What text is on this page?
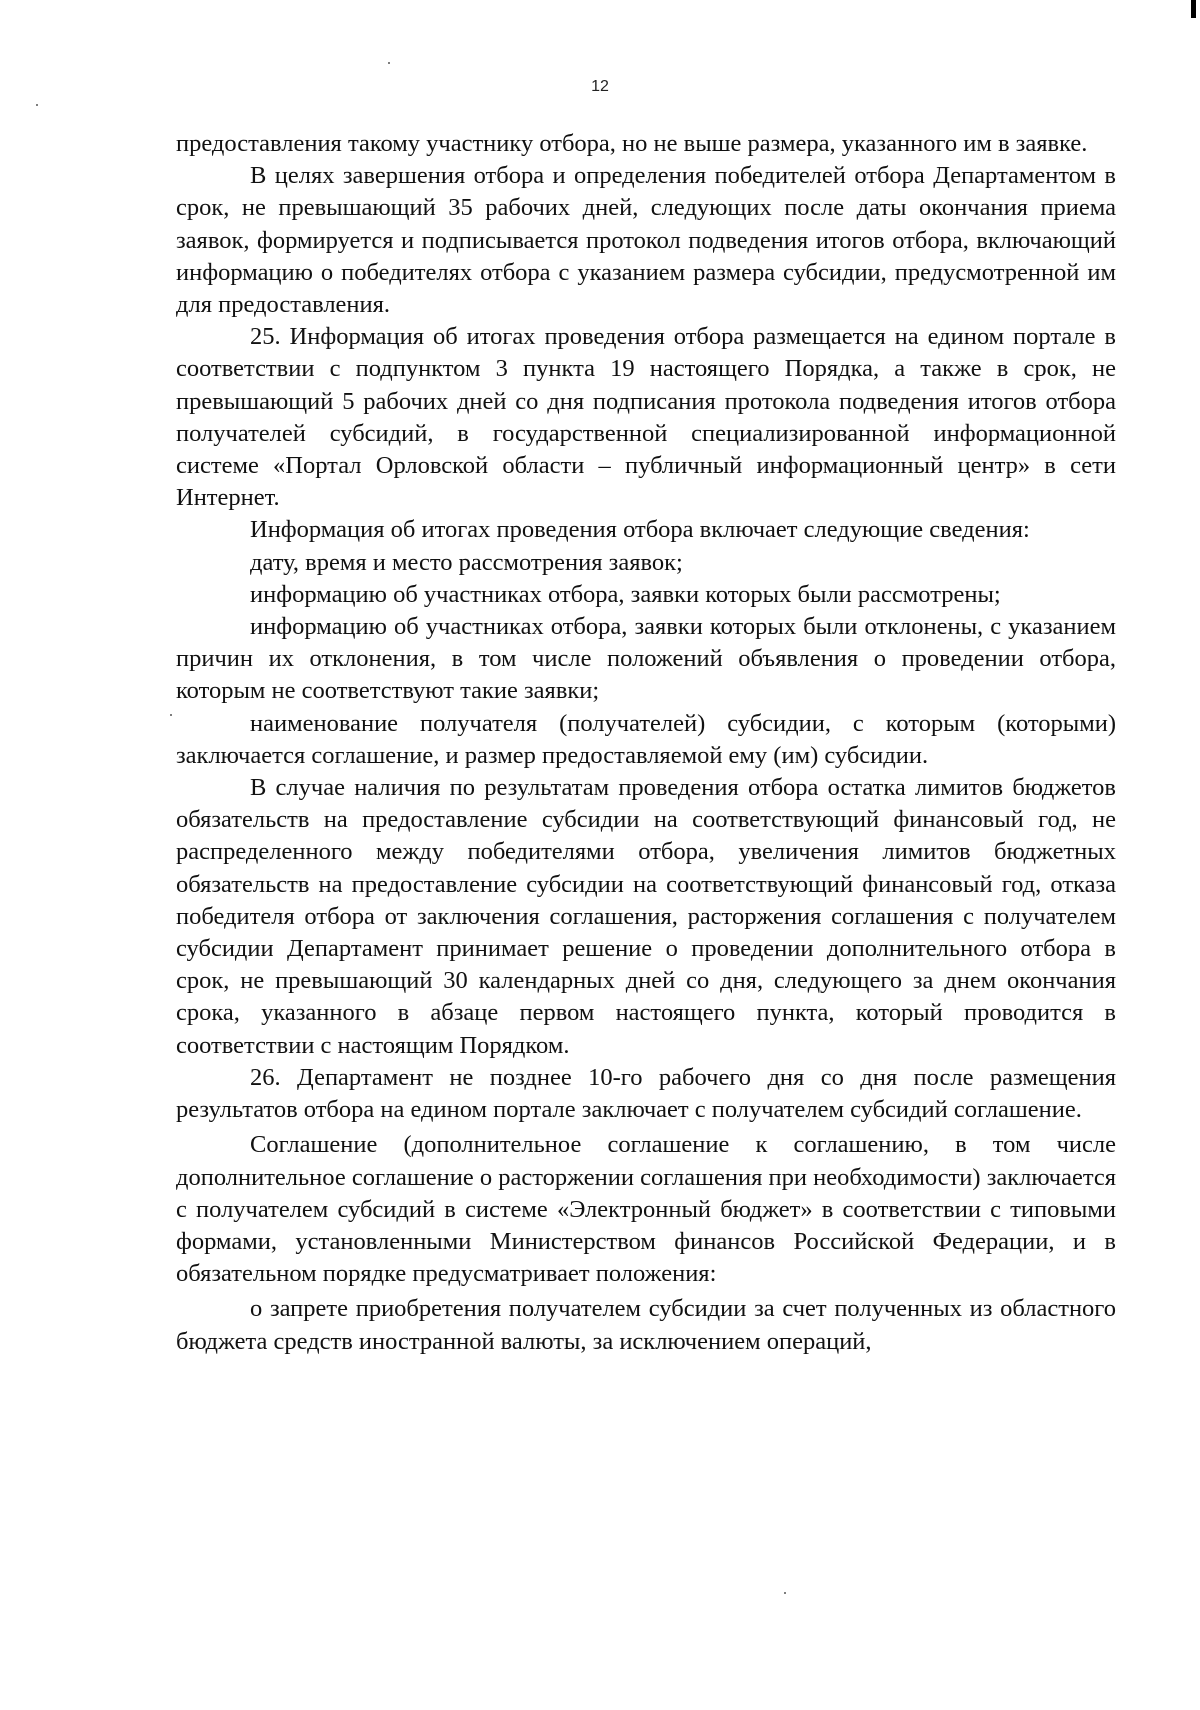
12

предоставления такому участнику отбора, но не выше размера, указанного им в заявке.

В целях завершения отбора и определения победителей отбора Департаментом в срок, не превышающий 35 рабочих дней, следующих после даты окончания приема заявок, формируется и подписывается протокол подведения итогов отбора, включающий информацию о победителях отбора с указанием размера субсидии, предусмотренной им для предоставления.

25. Информация об итогах проведения отбора размещается на едином портале в соответствии с подпунктом 3 пункта 19 настоящего Порядка, а также в срок, не превышающий 5 рабочих дней со дня подписания протокола подведения итогов отбора получателей субсидий, в государственной специализированной информационной системе «Портал Орловской области – публичный информационный центр» в сети Интернет.

Информация об итогах проведения отбора включает следующие сведения:

дату, время и место рассмотрения заявок;

информацию об участниках отбора, заявки которых были рассмотрены;

информацию об участниках отбора, заявки которых были отклонены, с указанием причин их отклонения, в том числе положений объявления о проведении отбора, которым не соответствуют такие заявки;

наименование получателя (получателей) субсидии, с которым (которыми) заключается соглашение, и размер предоставляемой ему (им) субсидии.

В случае наличия по результатам проведения отбора остатка лимитов бюджетов обязательств на предоставление субсидии на соответствующий финансовый год, не распределенного между победителями отбора, увеличения лимитов бюджетных обязательств на предоставление субсидии на соответствующий финансовый год, отказа победителя отбора от заключения соглашения, расторжения соглашения с получателем субсидии Департамент принимает решение о проведении дополнительного отбора в срок, не превышающий 30 календарных дней со дня, следующего за днем окончания срока, указанного в абзаце первом настоящего пункта, который проводится в соответствии с настоящим Порядком.

26. Департамент не позднее 10-го рабочего дня со дня после размещения результатов отбора на едином портале заключает с получателем субсидий соглашение.

Соглашение (дополнительное соглашение к соглашению, в том числе дополнительное соглашение о расторжении соглашения при необходимости) заключается с получателем субсидий в системе «Электронный бюджет» в соответствии с типовыми формами, установленными Министерством финансов Российской Федерации, и в обязательном порядке предусматривает положения:

о запрете приобретения получателем субсидии за счет полученных из областного бюджета средств иностранной валюты, за исключением операций,
